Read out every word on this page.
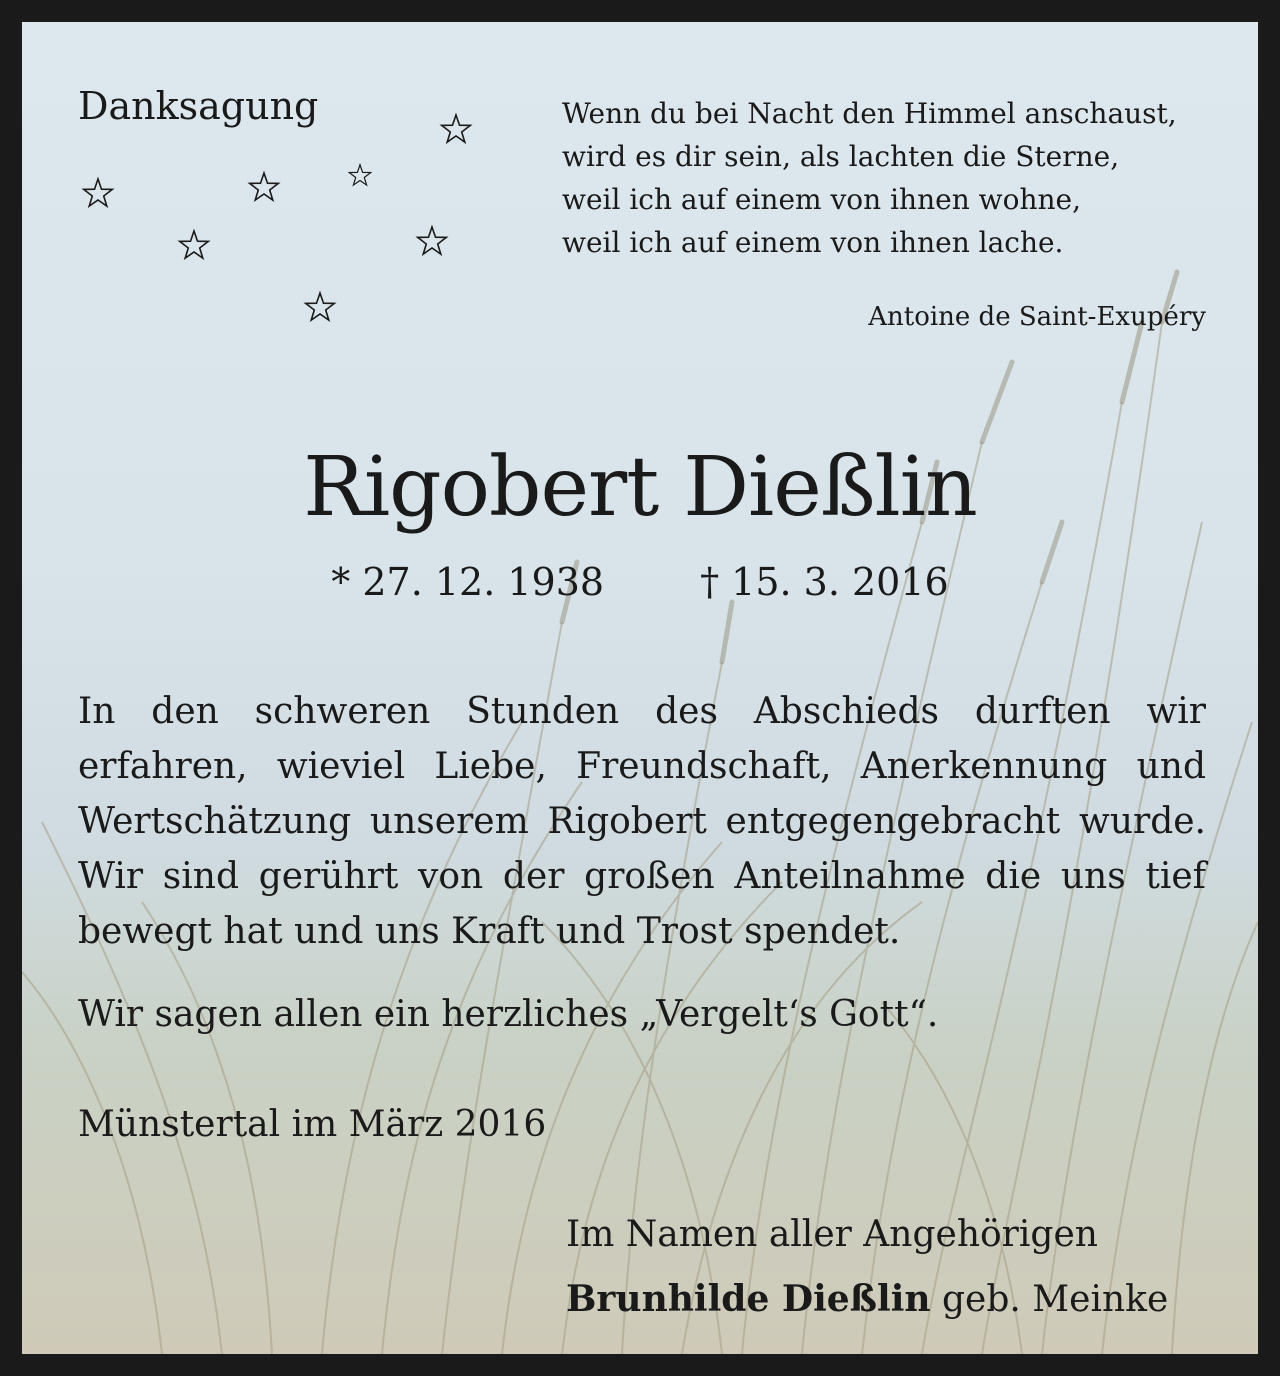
Danksagung	Wenn du bei Nacht den Himmel anschaust,
wird es dir sein, als lachten die Sterne,
weil ich auf einem von ihnen wohne,
weil ich auf einem von ihnen lache.

Antoine de Saint-Exupéry

Rigobert Dießlin

* 27. 12. 1938	† 15. 3. 2016

In den schweren Stunden des Abschieds durften wir erfahren, wieviel Liebe, Freundschaft, Anerkennung und Wertschätzung unserem Rigobert entgegengebracht wurde. Wir sind gerührt von der großen Anteilnahme die uns tief bewegt hat und uns Kraft und Trost spendet.

Wir sagen allen ein herzliches „Vergelt‘s Gott“.

Münstertal im März 2016

Im Namen aller Angehörigen

Brunhilde Dießlin geb. Meinke
